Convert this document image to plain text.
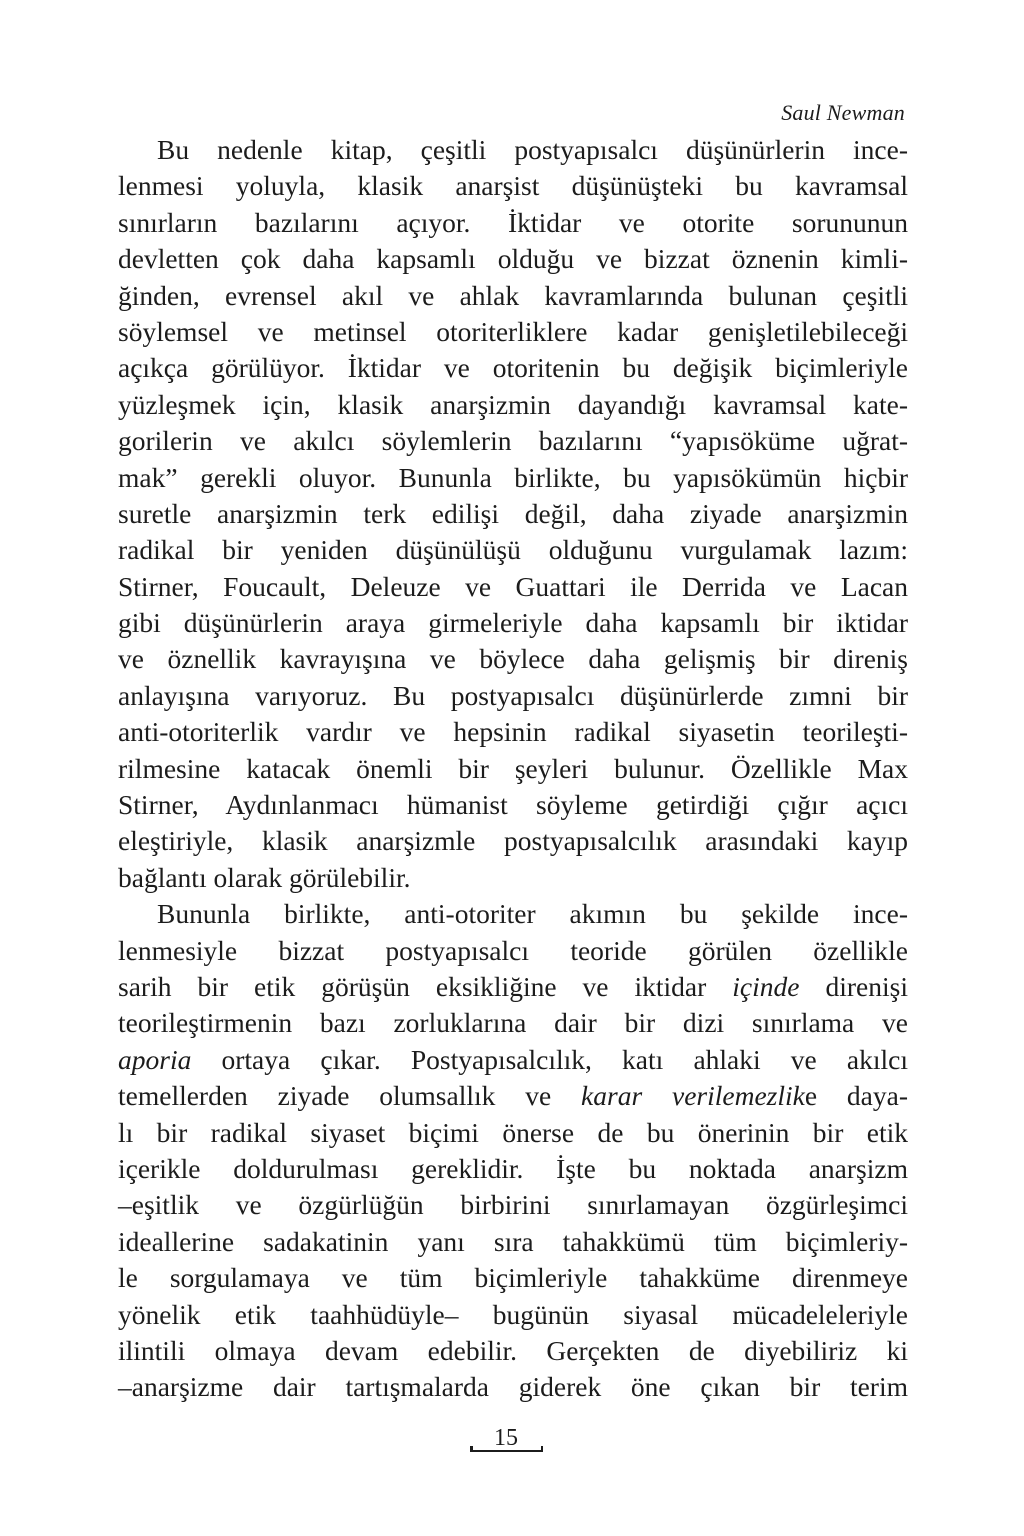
Saul Newman
Bu nedenle kitap, çeşitli postyapısalcı düşünürlerin ince-
lenmesi yoluyla, klasik anarşist düşünüşteki bu kavramsal
sınırların bazılarını açıyor. İktidar ve otorite sorununun
devletten çok daha kapsamlı olduğu ve bizzat öznenin kimli-
ğinden, evrensel akıl ve ahlak kavramlarında bulunan çeşitli
söylemsel ve metinsel otoriterliklere kadar genişletilebileceği
açıkça görülüyor. İktidar ve otoritenin bu değişik biçimleriyle
yüzleşmek için, klasik anarşizmin dayandığı kavramsal kate-
gorilerin ve akılcı söylemlerin bazılarını “yapısöküme uğrat-
mak” gerekli oluyor. Bununla birlikte, bu yapısökümün hiçbir
suretle anarşizmin terk edilişi değil, daha ziyade anarşizmin
radikal bir yeniden düşünülüşü olduğunu vurgulamak lazım:
Stirner, Foucault, Deleuze ve Guattari ile Derrida ve Lacan
gibi düşünürlerin araya girmeleriyle daha kapsamlı bir iktidar
ve öznellik kavrayışına ve böylece daha gelişmiş bir direniş
anlayışına varıyoruz. Bu postyapısalcı düşünürlerde zımni bir
anti-otoriterlik vardır ve hepsinin radikal siyasetin teorileşti-
rilmesine katacak önemli bir şeyleri bulunur. Özellikle Max
Stirner, Aydınlanmacı hümanist söyleme getirdiği çığır açıcı
eleştiriyle, klasik anarşizmle postyapısalcılık arasındaki kayıp
bağlantı olarak görülebilir.
Bununla birlikte, anti-otoriter akımın bu şekilde ince-
lenmesiyle bizzat postyapısalcı teoride görülen özellikle
sarih bir etik görüşün eksikliğine ve iktidar içinde direnişi
teorileştirmenin bazı zorluklarına dair bir dizi sınırlama ve
aporia ortaya çıkar. Postyapısalcılık, katı ahlaki ve akılcı
temellerden ziyade olumsallık ve karar verilemezlike daya-
lı bir radikal siyaset biçimi önerse de bu önerinin bir etik
içerikle doldurulması gereklidir. İşte bu noktada anarşizm
–eşitlik ve özgürlüğün birbirini sınırlamayan özgürleşimci
ideallerine sadakatinin yanı sıra tahakkümü tüm biçimleriy-
le sorgulamaya ve tüm biçimleriyle tahakküme direnmeye
yönelik etik taahhüdüyle– bugünün siyasal mücadeleleriyle
ilintili olmaya devam edebilir. Gerçekten de diyebiliriz ki
–anarşizme dair tartışmalarda giderek öne çıkan bir terim
15
